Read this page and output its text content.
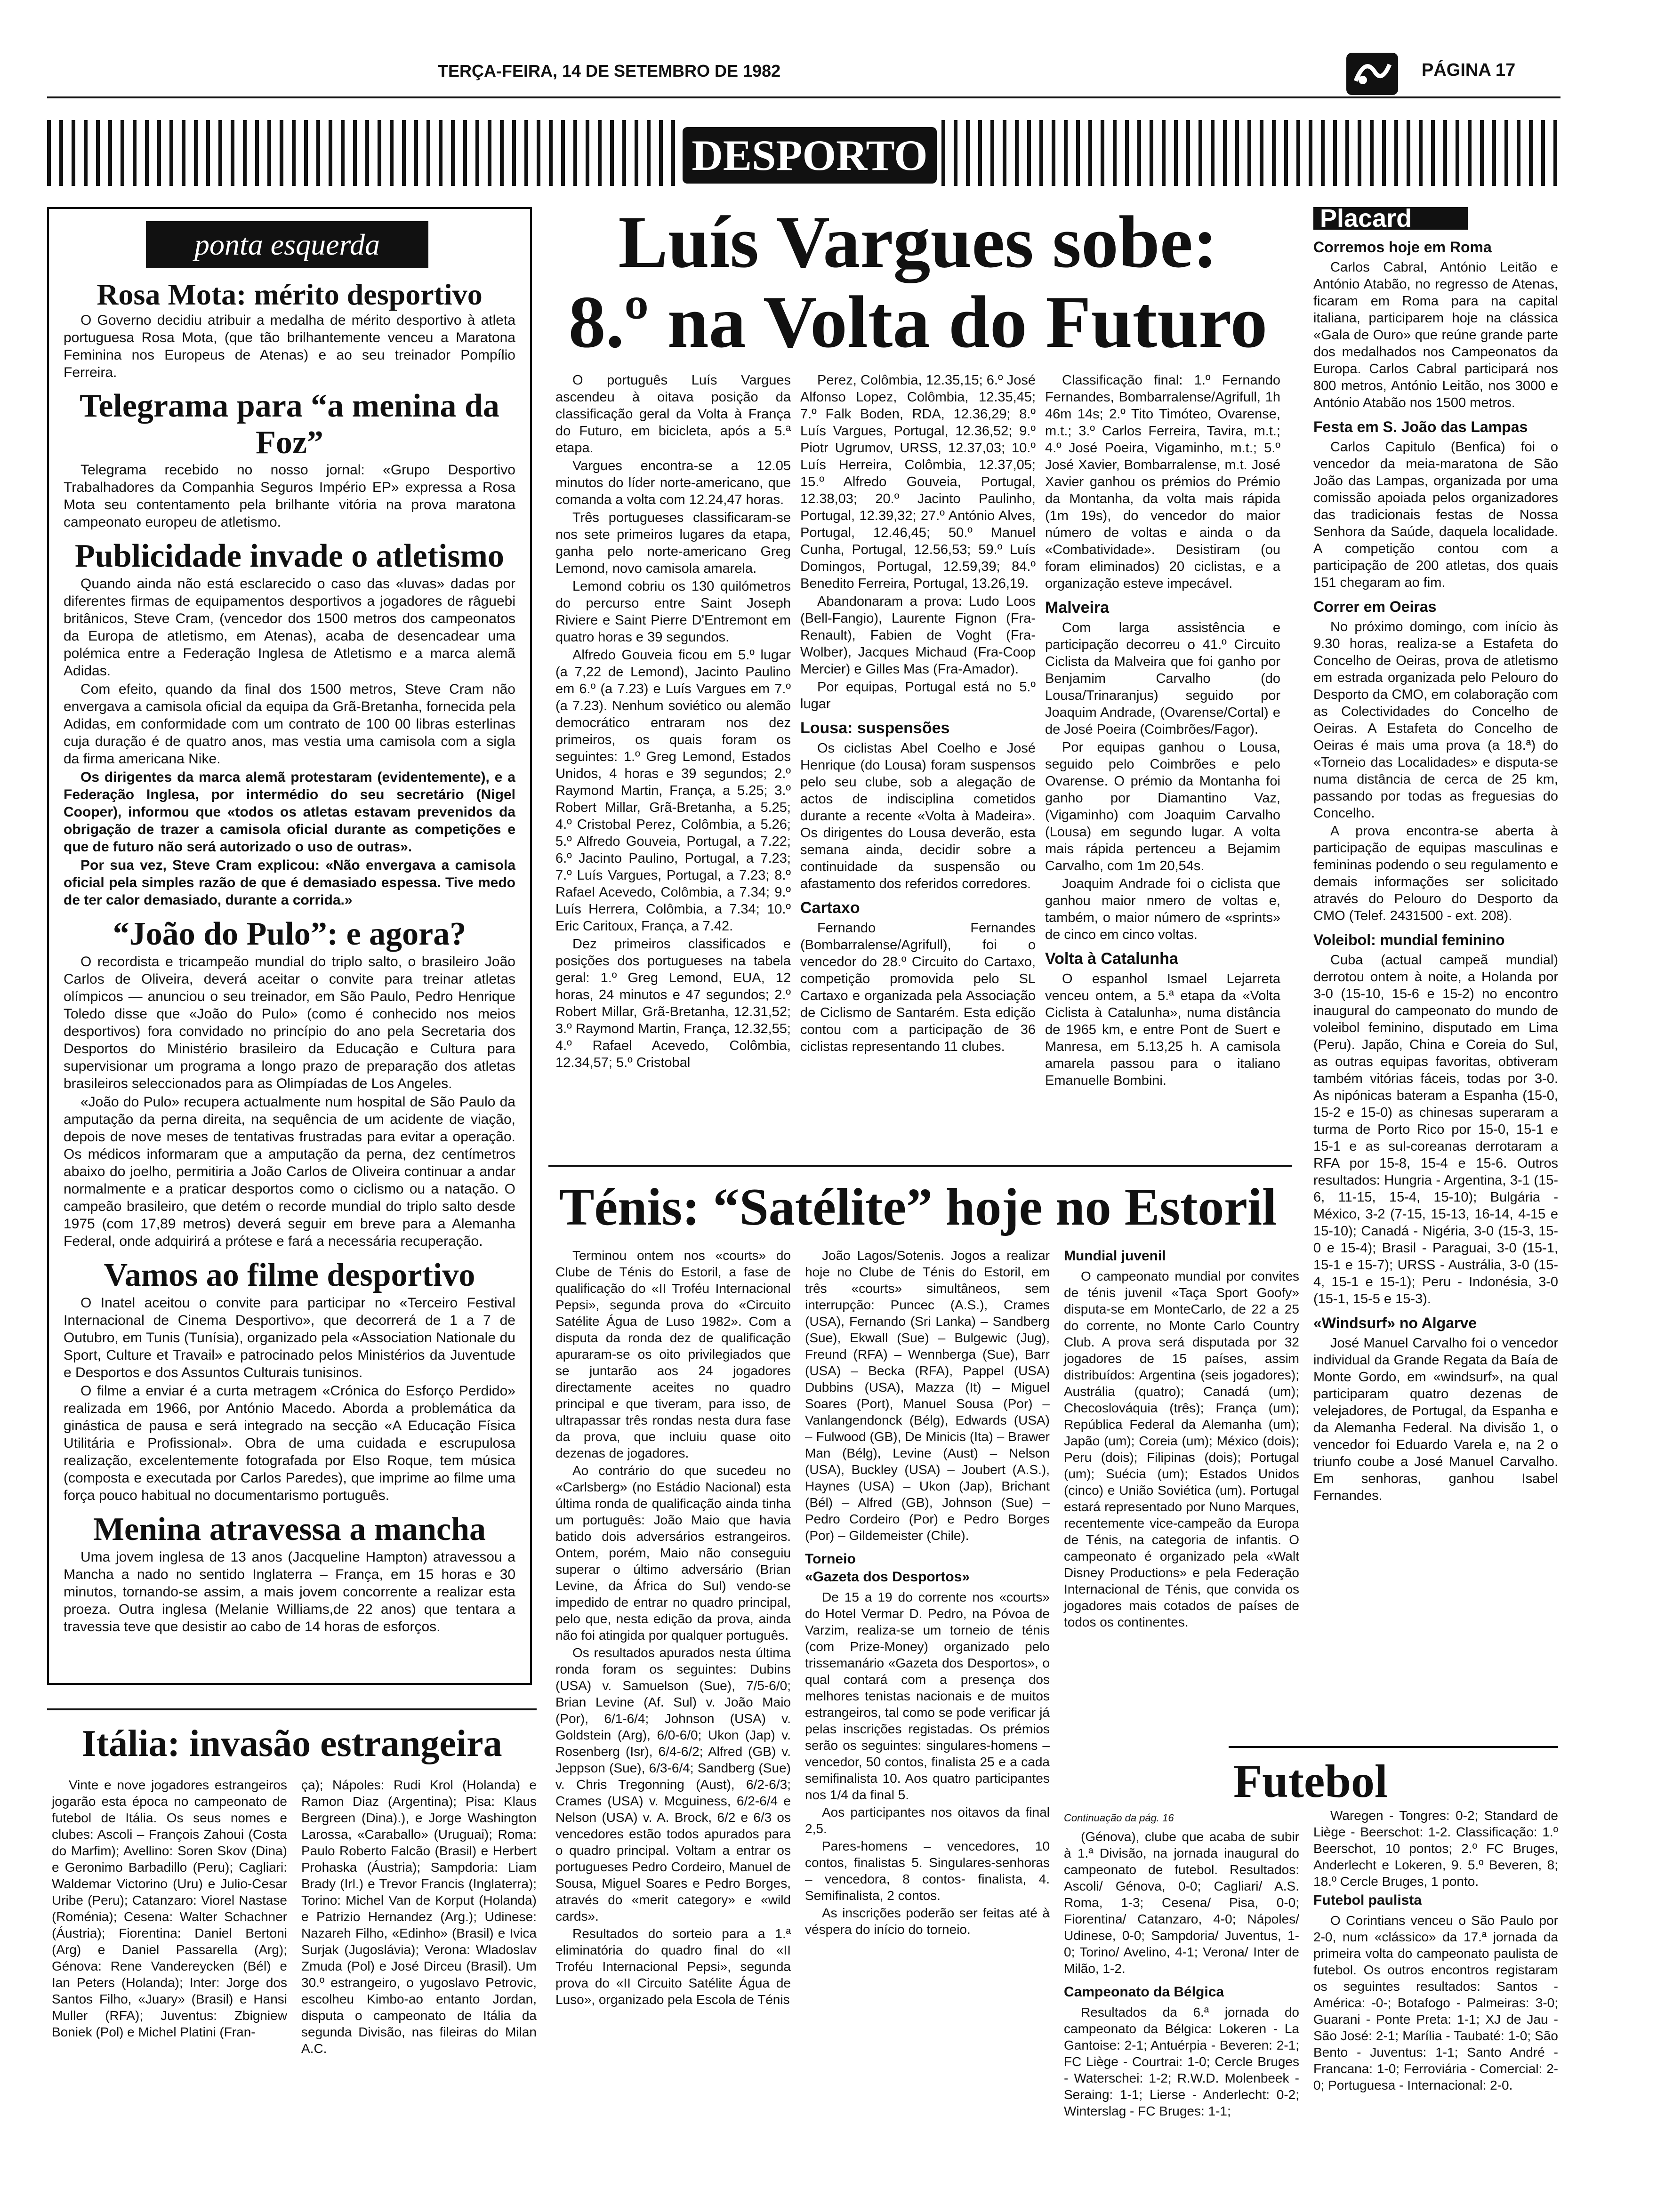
TERÇA-FEIRA, 14 DE SETEMBRO DE 1982	PÁGINA 17
DESPORTO
ponta esquerda
Rosa Mota: mérito desportivo

O Governo decidiu atribuir a medalha de mérito desportivo à atleta portuguesa Rosa Mota, (que tão brilhantemente venceu a Maratona Feminina nos Europeus de Atenas) e ao seu treinador Pompílio Ferreira.

Telegrama para “a menina da Foz”

Telegrama recebido no nosso jornal: «Grupo Desportivo Trabalhadores da Companhia Seguros Império EP» expressa a Rosa Mota seu contentamento pela brilhante vitória na prova maratona campeonato europeu de atletismo.

Publicidade invade o atletismo

Quando ainda não está esclarecido o caso das «luvas» dadas por diferentes firmas de equipamentos desportivos a jogadores de râguebi britânicos, Steve Cram, (vencedor dos 1500 metros dos campeonatos da Europa de atletismo, em Atenas), acaba de desencadear uma polémica entre a Federação Inglesa de Atletismo e a marca alemã Adidas.

Com efeito, quando da final dos 1500 metros, Steve Cram não envergava a camisola oficial da equipa da Grã-Bretanha, fornecida pela Adidas, em conformidade com um contrato de 100 00 libras esterlinas cuja duração é de quatro anos, mas vestia uma camisola com a sigla da firma americana Nike.

Os dirigentes da marca alemã protestaram (evidentemente), e a Federação Inglesa, por intermédio do seu secretário (Nigel Cooper), informou que «todos os atletas estavam prevenidos da obrigação de trazer a camisola oficial durante as competições e que de futuro não será autorizado o uso de outras».

Por sua vez, Steve Cram explicou: «Não envergava a camisola oficial pela simples razão de que é demasiado espessa. Tive medo de ter calor demasiado, durante a corrida.»

“João do Pulo”: e agora?

O recordista e tricampeão mundial do triplo salto, o brasileiro João Carlos de Oliveira, deverá aceitar o convite para treinar atletas olímpicos — anunciou o seu treinador, em São Paulo, Pedro Henrique Toledo disse que «João do Pulo» (como é conhecido nos meios desportivos) fora convidado no princípio do ano pela Secretaria dos Desportos do Ministério brasileiro da Educação e Cultura para supervisionar um programa a longo prazo de preparação dos atletas brasileiros seleccionados para as Olimpíadas de Los Angeles.

«João do Pulo» recupera actualmente num hospital de São Paulo da amputação da perna direita, na sequência de um acidente de viação, depois de nove meses de tentativas frustradas para evitar a operação. Os médicos informaram que a amputação da perna, dez centímetros abaixo do joelho, permitiria a João Carlos de Oliveira continuar a andar normalmente e a praticar desportos como o ciclismo ou a natação. O campeão brasileiro, que detém o recorde mundial do triplo salto desde 1975 (com 17,89 metros) deverá seguir em breve para a Alemanha Federal, onde adquirirá a prótese e fará a necessária recuperação.

Vamos ao filme desportivo

O Inatel aceitou o convite para participar no «Terceiro Festival Internacional de Cinema Desportivo», que decorrerá de 1 a 7 de Outubro, em Tunis (Tunísia), organizado pela «Association Nationale du Sport, Culture et Travail» e patrocinado pelos Ministérios da Juventude e Desportos e dos Assuntos Culturais tunisinos.

O filme a enviar é a curta metragem «Crónica do Esforço Perdido» realizada em 1966, por António Macedo. Aborda a problemática da ginástica de pausa e será integrado na secção «A Educação Física Utilitária e Profissional». Obra de uma cuidada e escrupulosa realização, excelentemente fotografada por Elso Roque, tem música (composta e executada por Carlos Paredes), que imprime ao filme uma força pouco habitual no documentarismo português.

Menina atravessa a mancha

Uma jovem inglesa de 13 anos (Jacqueline Hampton) atravessou a Mancha a nado no sentido Inglaterra – França, em 15 horas e 30 minutos, tornando-se assim, a mais jovem concorrente a realizar esta proeza. Outra inglesa (Melanie Williams,de 22 anos) que tentara a travessia teve que desistir ao cabo de 14 horas de esforços.

Luís Vargues sobe:
8.º na Volta do Futuro

O português Luís Vargues ascendeu à oitava posição da classificação geral da Volta à França do Futuro, em bicicleta, após a 5.ª etapa.

Vargues encontra-se a 12.05 minutos do líder norte-americano, que comanda a volta com 12.24,47 horas.

Três portugueses classificaram-se nos sete primeiros lugares da etapa, ganha pelo norte-americano Greg Lemond, novo camisola amarela.

Lemond cobriu os 130 quilómetros do percurso entre Saint Joseph Riviere e Saint Pierre D'Entremont em quatro horas e 39 segundos.

Alfredo Gouveia ficou em 5.º lugar (a 7,22 de Lemond), Jacinto Paulino em 6.º (a 7.23) e Luís Vargues em 7.º (a 7.23). Nenhum soviético ou alemão democrático entraram nos dez primeiros, os quais foram os seguintes: 1.º Greg Lemond, Estados Unidos, 4 horas e 39 segundos; 2.º Raymond Martin, França, a 5.25; 3.º Robert Millar, Grã-Bretanha, a 5.25; 4.º Cristobal Perez, Colômbia, a 5.26; 5.º Alfredo Gouveia, Portugal, a 7.22; 6.º Jacinto Paulino, Portugal, a 7.23; 7.º Luís Vargues, Portugal, a 7.23; 8.º Rafael Acevedo, Colômbia, a 7.34; 9.º Luís Herrera, Colômbia, a 7.34; 10.º Eric Caritoux, França, a 7.42.

Dez primeiros classificados e posições dos portugueses na tabela geral: 1.º Greg Lemond, EUA, 12 horas, 24 minutos e 47 segundos; 2.º Robert Millar, Grã-Bretanha, 12.31,52; 3.º Raymond Martin, França, 12.32,55; 4.º Rafael Acevedo, Colômbia, 12.34,57; 5.º Cristobal

Perez, Colômbia, 12.35,15; 6.º José Alfonso Lopez, Colômbia, 12.35,45; 7.º Falk Boden, RDA, 12.36,29; 8.º Luís Vargues, Portugal, 12.36,52; 9.º Piotr Ugrumov, URSS, 12.37,03; 10.º Luís Herreira, Colômbia, 12.37,05; 15.º Alfredo Gouveia, Portugal, 12.38,03; 20.º Jacinto Paulinho, Portugal, 12.39,32; 27.º António Alves, Portugal, 12.46,45; 50.º Manuel Cunha, Portugal, 12.56,53; 59.º Luís Domingos, Portugal, 12.59,39; 84.º Benedito Ferreira, Portugal, 13.26,19.

Abandonaram a prova: Ludo Loos (Bell-Fangio), Laurente Fignon (Fra-Renault), Fabien de Voght (Fra-Wolber), Jacques Michaud (Fra-Coop Mercier) e Gilles Mas (Fra-Amador).

Por equipas, Portugal está no 5.º lugar

Lousa: suspensões

Os ciclistas Abel Coelho e José Henrique (do Lousa) foram suspensos pelo seu clube, sob a alegação de actos de indisciplina cometidos durante a recente «Volta à Madeira». Os dirigentes do Lousa deverão, esta semana ainda, decidir sobre a continuidade da suspensão ou afastamento dos referidos corredores.

Cartaxo

Fernando Fernandes (Bombarralense/Agrifull), foi o vencedor do 28.º Circuito do Cartaxo, competição promovida pelo SL Cartaxo e organizada pela Associação de Ciclismo de Santarém. Esta edição contou com a participação de 36 ciclistas representando 11 clubes.

Classificação final: 1.º Fernando Fernandes, Bombarralense/Agrifull, 1h 46m 14s; 2.º Tito Timóteo, Ovarense, m.t.; 3.º Carlos Ferreira, Tavira, m.t.; 4.º José Poeira, Vigaminho, m.t.; 5.º José Xavier, Bombarralense, m.t. José Xavier ganhou os prémios do Prémio da Montanha, da volta mais rápida (1m 19s), do vencedor do maior número de voltas e ainda o da «Combatividade». Desistiram (ou foram eliminados) 20 ciclistas, e a organização esteve impecável.

Malveira

Com larga assistência e participação decorreu o 41.º Circuito Ciclista da Malveira que foi ganho por Benjamim Carvalho (do Lousa/Trinaranjus) seguido por Joaquim Andrade, (Ovarense/Cortal) e de José Poeira (Coimbrões/Fagor).

Por equipas ganhou o Lousa, seguido pelo Coimbrões e pelo Ovarense. O prémio da Montanha foi ganho por Diamantino Vaz, (Vigaminho) com Joaquim Carvalho (Lousa) em segundo lugar. A volta mais rápida pertenceu a Bejamim Carvalho, com 1m 20,54s.

Joaquim Andrade foi o ciclista que ganhou maior nmero de voltas e, também, o maior número de «sprints» de cinco em cinco voltas.

Volta à Catalunha

O espanhol Ismael Lejarreta venceu ontem, a 5.ª etapa da «Volta Ciclista à Catalunha», numa distância de 1965 km, e entre Pont de Suert e Manresa, em 5.13,25 h. A camisola amarela passou para o italiano Emanuelle Bombini.

Placard
Corremos hoje em Roma

Carlos Cabral, António Leitão e António Atabão, no regresso de Atenas, ficaram em Roma para na capital italiana, participarem hoje na clássica «Gala de Ouro» que reúne grande parte dos medalhados nos Campeonatos da Europa. Carlos Cabral participará nos 800 metros, António Leitão, nos 3000 e António Atabão nos 1500 metros.

Festa em S. João das Lampas

Carlos Capitulo (Benfica) foi o vencedor da meia-maratona de São João das Lampas, organizada por uma comissão apoiada pelos organizadores das tradicionais festas de Nossa Senhora da Saúde, daquela localidade. A competição contou com a participação de 200 atletas, dos quais 151 chegaram ao fim.

Correr em Oeiras

No próximo domingo, com início às 9.30 horas, realiza-se a Estafeta do Concelho de Oeiras, prova de atletismo em estrada organizada pelo Pelouro do Desporto da CMO, em colaboração com as Colectividades do Concelho de Oeiras. A Estafeta do Concelho de Oeiras é mais uma prova (a 18.ª) do «Torneio das Localidades» e disputa-se numa distância de cerca de 25 km, passando por todas as freguesias do Concelho.

A prova encontra-se aberta à participação de equipas masculinas e femininas podendo o seu regulamento e demais informações ser solicitado através do Pelouro do Desporto da CMO (Telef. 2431500 - ext. 208).

Voleibol: mundial feminino

Cuba (actual campeã mundial) derrotou ontem à noite, a Holanda por 3-0 (15-10, 15-6 e 15-2) no encontro inaugural do campeonato do mundo de voleibol feminino, disputado em Lima (Peru). Japão, China e Coreia do Sul, as outras equipas favoritas, obtiveram também vitórias fáceis, todas por 3-0. As nipónicas bateram a Espanha (15-0, 15-2 e 15-0) as chinesas superaram a turma de Porto Rico por 15-0, 15-1 e 15-1 e as sul-coreanas derrotaram a RFA por 15-8, 15-4 e 15-6. Outros resultados: Hungria - Argentina, 3-1 (15-6, 11-15, 15-4, 15-10); Bulgária - México, 3-2 (7-15, 15-13, 16-14, 4-15 e 15-10); Canadá - Nigéria, 3-0 (15-3, 15-0 e 15-4); Brasil - Paraguai, 3-0 (15-1, 15-1 e 15-7); URSS - Austrália, 3-0 (15-4, 15-1 e 15-1); Peru - Indonésia, 3-0 (15-1, 15-5 e 15-3).

«Windsurf» no Algarve

José Manuel Carvalho foi o vencedor individual da Grande Regata da Baía de Monte Gordo, em «windsurf», na qual participaram quatro dezenas de velejadores, de Portugal, da Espanha e da Alemanha Federal. Na divisão 1, o vencedor foi Eduardo Varela e, na 2 o triunfo coube a José Manuel Carvalho. Em senhoras, ganhou Isabel Fernandes.

Ténis: “Satélite” hoje no Estoril

Terminou ontem nos «courts» do Clube de Ténis do Estoril, a fase de qualificação do «II Troféu Internacional Pepsi», segunda prova do «Circuito Satélite Água de Luso 1982». Com a disputa da ronda dez de qualificação apuraram-se os oito privilegiados que se juntarão aos 24 jogadores directamente aceites no quadro principal e que tiveram, para isso, de ultrapassar três rondas nesta dura fase da prova, que incluiu quase oito dezenas de jogadores.

Ao contrário do que sucedeu no «Carlsberg» (no Estádio Nacional) esta última ronda de qualificação ainda tinha um português: João Maio que havia batido dois adversários estrangeiros. Ontem, porém, Maio não conseguiu superar o último adversário (Brian Levine, da África do Sul) vendo-se impedido de entrar no quadro principal, pelo que, nesta edição da prova, ainda não foi atingida por qualquer português.

Os resultados apurados nesta última ronda foram os seguintes: Dubins (USA) v. Samuelson (Sue), 7/5-6/0; Brian Levine (Af. Sul) v. João Maio (Por), 6/1-6/4; Johnson (USA) v. Goldstein (Arg), 6/0-6/0; Ukon (Jap) v. Rosenberg (Isr), 6/4-6/2; Alfred (GB) v. Jeppson (Sue), 6/3-6/4; Sandberg (Sue) v. Chris Tregonning (Aust), 6/2-6/3; Crames (USA) v. Mcguiness, 6/2-6/4 e Nelson (USA) v. A. Brock, 6/2 e 6/3 os vencedores estão todos apurados para o quadro principal. Voltam a entrar os portugueses Pedro Cordeiro, Manuel de Sousa, Miguel Soares e Pedro Borges, através do «merit category» e «wild cards».

Resultados do sorteio para a 1.ª eliminatória do quadro final do «II Troféu Internacional Pepsi», segunda prova do «II Circuito Satélite Água de Luso», organizado pela Escola de Ténis

João Lagos/Sotenis. Jogos a realizar hoje no Clube de Ténis do Estoril, em três «courts» simultâneos, sem interrupção: Puncec (A.S.), Crames (USA), Fernando (Sri Lanka) – Sandberg (Sue), Ekwall (Sue) – Bulgewic (Jug), Freund (RFA) – Wennberga (Sue), Barr (USA) – Becka (RFA), Pappel (USA) Dubbins (USA), Mazza (It) – Miguel Soares (Port), Manuel Sousa (Por) – Vanlangendonck (Bélg), Edwards (USA) – Fulwood (GB), De Minicis (Ita) – Brawer Man (Bélg), Levine (Aust) – Nelson (USA), Buckley (USA) – Joubert (A.S.), Haynes (USA) – Ukon (Jap), Brichant (Bél) – Alfred (GB), Johnson (Sue) – Pedro Cordeiro (Por) e Pedro Borges (Por) – Gildemeister (Chile).

Torneio
«Gazeta dos Desportos»

De 15 a 19 do corrente nos «courts» do Hotel Vermar D. Pedro, na Póvoa de Varzim, realiza-se um torneio de ténis (com Prize-Money) organizado pelo trissemanário «Gazeta dos Desportos», o qual contará com a presença dos melhores tenistas nacionais e de muitos estrangeiros, tal como se pode verificar já pelas inscrições registadas. Os prémios serão os seguintes: singulares-homens – vencedor, 50 contos, finalista 25 e a cada semifinalista 10. Aos quatro participantes nos 1/4 da final 5.

Aos participantes nos oitavos da final 2,5.

Pares-homens – vencedores, 10 contos, finalistas 5. Singulares-senhoras – vencedora, 8 contos- finalista, 4. Semifinalista, 2 contos.

As inscrições poderão ser feitas até à véspera do início do torneio.

Mundial juvenil

O campeonato mundial por convites de ténis juvenil «Taça Sport Goofy» disputa-se em MonteCarlo, de 22 a 25 do corrente, no Monte Carlo Country Club. A prova será disputada por 32 jogadores de 15 países, assim distribuídos: Argentina (seis jogadores); Austrália (quatro); Canadá (um); Checoslováquia (três); França (um); República Federal da Alemanha (um); Japão (um); Coreia (um); México (dois); Peru (dois); Filipinas (dois); Portugal (um); Suécia (um); Estados Unidos (cinco) e União Soviética (um). Portugal estará representado por Nuno Marques, recentemente vice-campeão da Europa de Ténis, na categoria de infantis. O campeonato é organizado pela «Walt Disney Productions» e pela Federação Internacional de Ténis, que convida os jogadores mais cotados de países de todos os continentes.

Futebol
Continuação da pág. 16

(Génova), clube que acaba de subir à 1.ª Divisão, na jornada inaugural do campeonato de futebol. Resultados: Ascoli/ Génova, 0-0; Cagliari/ A.S. Roma, 1-3; Cesena/ Pisa, 0-0; Fiorentina/ Catanzaro, 4-0; Nápoles/ Udinese, 0-0; Sampdoria/ Juventus, 1-0; Torino/ Avelino, 4-1; Verona/ Inter de Milão, 1-2.

Campeonato da Bélgica

Resultados da 6.ª jornada do campeonato da Bélgica: Lokeren - La Gantoise: 2-1; Antuérpia - Beveren: 2-1; FC Liège - Courtrai: 1-0; Cercle Bruges - Waterschei: 1-2; R.W.D. Molenbeek - Seraing: 1-1; Lierse - Anderlecht: 0-2; Winterslag - FC Bruges: 1-1;

Waregen - Tongres: 0-2; Standard de Liège - Beerschot: 1-2. Classificação: 1.º Beerschot, 10 pontos; 2.º FC Bruges, Anderlecht e Lokeren, 9. 5.º Beveren, 8; 18.º Cercle Bruges, 1 ponto.

Futebol paulista

O Corintians venceu o São Paulo por 2-0, num «clássico» da 17.ª jornada da primeira volta do campeonato paulista de futebol. Os outros encontros registaram os seguintes resultados: Santos - América: -0-; Botafogo - Palmeiras: 3-0; Guarani - Ponte Preta: 1-1; XJ de Jau - São José: 2-1; Marília - Taubaté: 1-0; São Bento - Juventus: 1-1; Santo André - Francana: 1-0; Ferroviária - Comercial: 2-0; Portuguesa - Internacional: 2-0.

Itália: invasão estrangeira

Vinte e nove jogadores estrangeiros jogarão esta época no campeonato de futebol de Itália. Os seus nomes e clubes: Ascoli – François Zahoui (Costa do Marfim); Avellino: Soren Skov (Dina) e Geronimo Barbadillo (Peru); Cagliari: Waldemar Victorino (Uru) e Julio-Cesar Uribe (Peru); Catanzaro: Viorel Nastase (Roménia); Cesena: Walter Schachner (Áustria); Fiorentina: Daniel Bertoni (Arg) e Daniel Passarella (Arg); Génova: Rene Vandereycken (Bél) e Ian Peters (Holanda); Inter: Jorge dos Santos Filho, «Juary» (Brasil) e Hansi Muller (RFA); Juventus: Zbigniew Boniek (Pol) e Michel Platini (Fran-

ça); Nápoles: Rudi Krol (Holanda) e Ramon Diaz (Argentina); Pisa: Klaus Bergreen (Dina).), e Jorge Washington Larossa, «Caraballo» (Uruguai); Roma: Paulo Roberto Falcão (Brasil) e Herbert Prohaska (Áustria); Sampdoria: Liam Brady (Irl.) e Trevor Francis (Inglaterra); Torino: Michel Van de Korput (Holanda) e Patrizio Hernandez (Arg.); Udinese: Nazareh Filho, «Edinho» (Brasil) e Ivica Surjak (Jugoslávia); Verona: Wladoslav Zmuda (Pol) e José Dirceu (Brasil). Um 30.º estrangeiro, o yugoslavo Petrovic, escolheu Kimbo-ao entanto Jordan, disputa o campeonato de Itália da segunda Divisão, nas fileiras do Milan A.C.
